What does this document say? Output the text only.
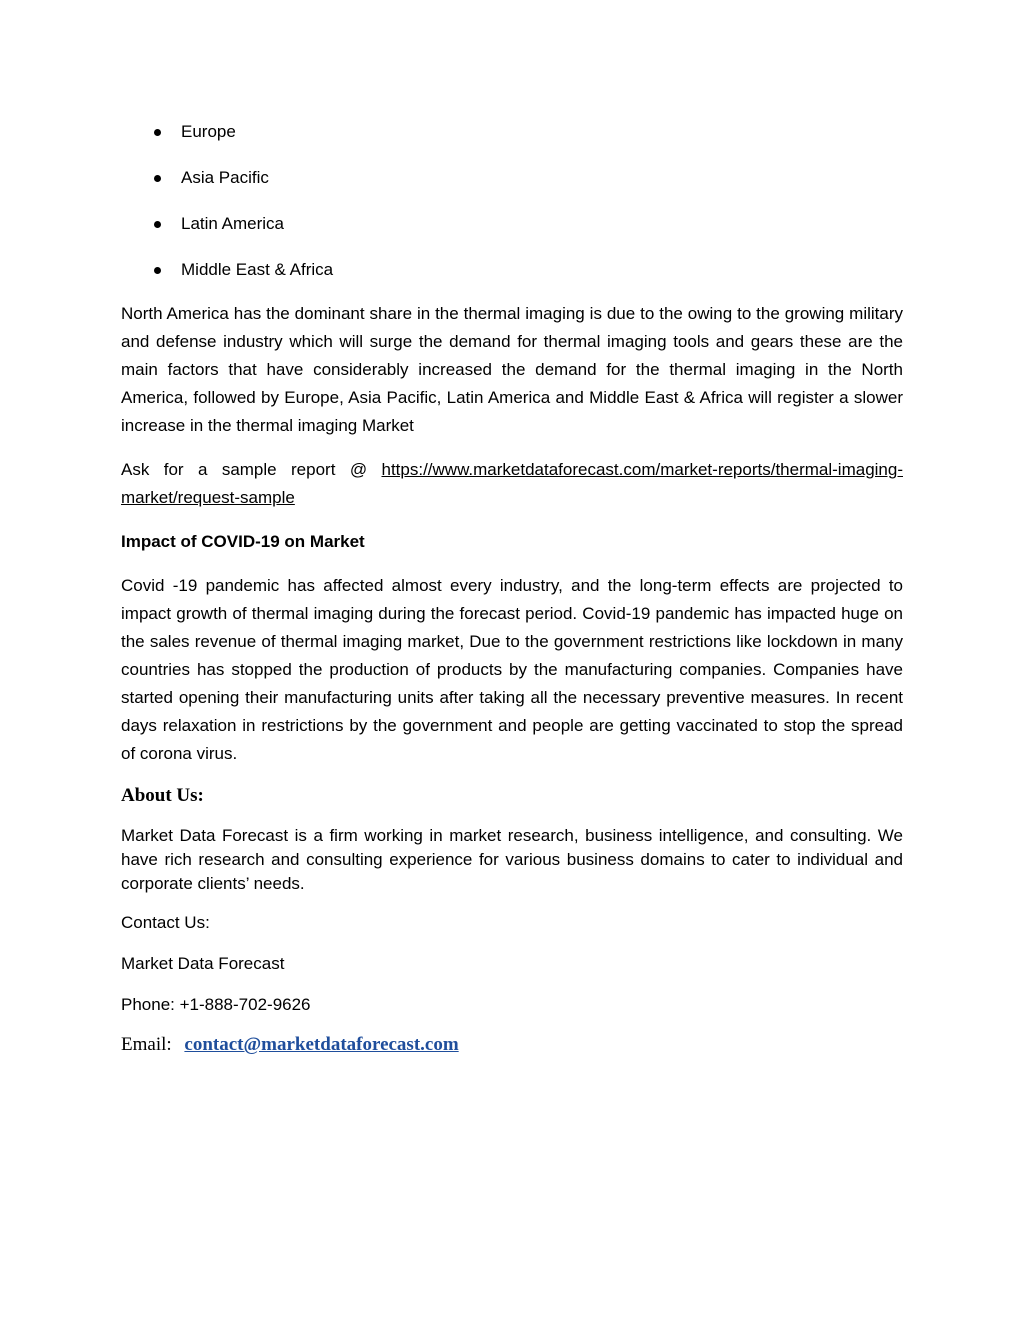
Europe
Asia Pacific
Latin America
Middle East & Africa

North America has the dominant share in the thermal imaging is due to the owing to the growing military and defense industry which will surge the demand for thermal imaging tools and gears these are the main factors that have considerably increased the demand for the thermal imaging in the North America, followed by Europe, Asia Pacific, Latin America and Middle East & Africa will register a slower increase in the thermal imaging Market

Ask for a sample report @ https://www.marketdataforecast.com/market-reports/thermal-imaging-market/request-sample

Impact of COVID-19 on Market

Covid -19 pandemic has affected almost every industry, and the long-term effects are projected to impact growth of thermal imaging during the forecast period. Covid-19 pandemic has impacted huge on the sales revenue of thermal imaging market, Due to the government restrictions like lockdown in many countries has stopped the production of products by the manufacturing companies. Companies have started opening their manufacturing units after taking all the necessary preventive measures. In recent days relaxation in restrictions by the government and people are getting vaccinated to stop the spread of corona virus.

About Us:

Market Data Forecast is a firm working in market research, business intelligence, and consulting. We have rich research and consulting experience for various business domains to cater to individual and corporate clients’ needs.

Contact Us:

Market Data Forecast

Phone: +1-888-702-9626

Email: contact@marketdataforecast.com
